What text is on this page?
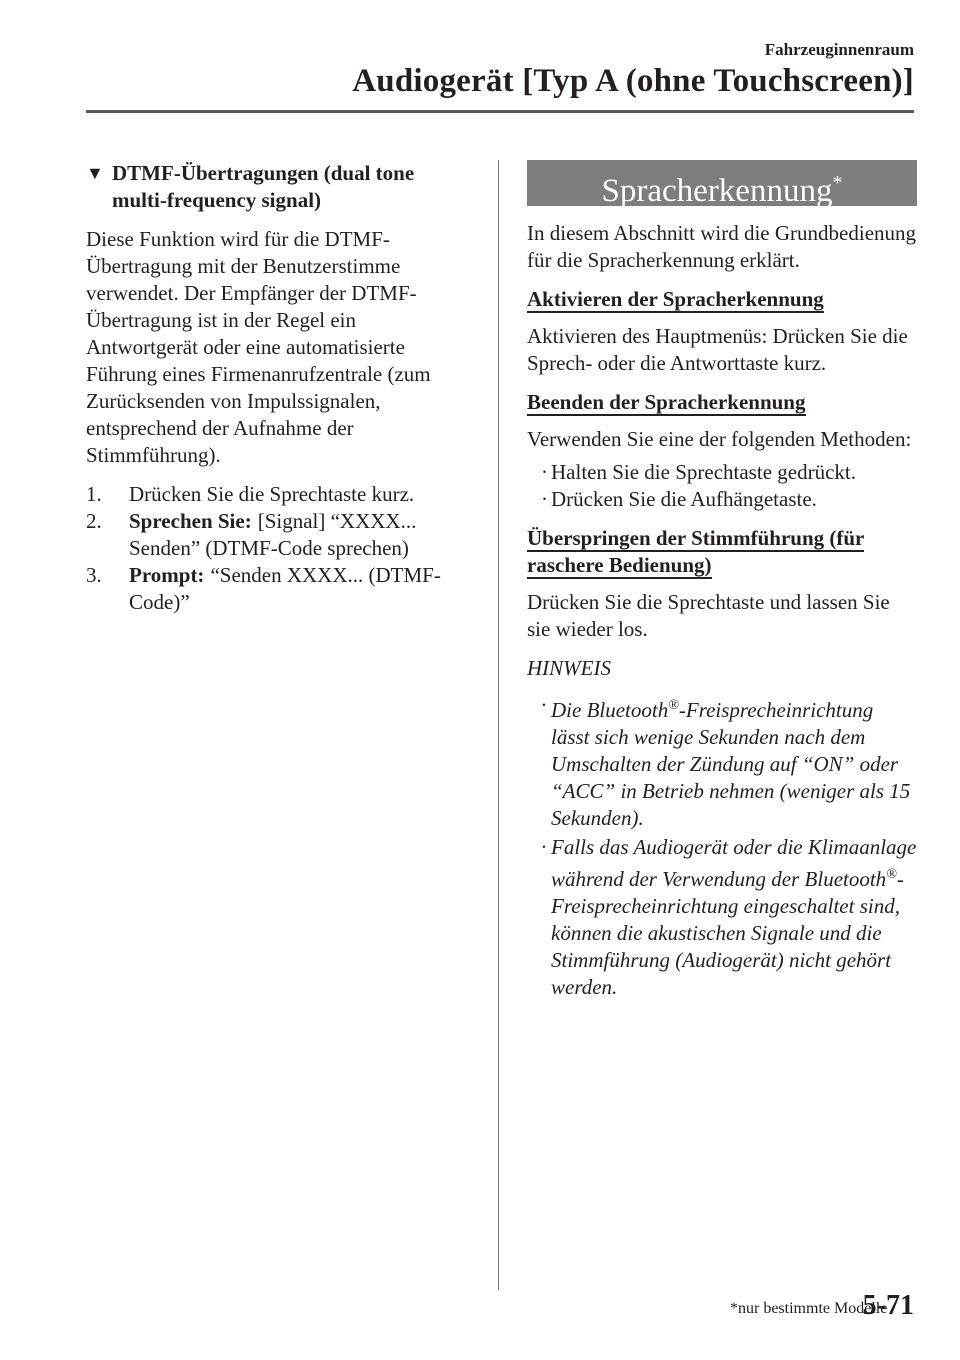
Fahrzeuginnenraum
Audiogerät [Typ A (ohne Touchscreen)]
▼ DTMF-Übertragungen (dual tone multi-frequency signal)

Diese Funktion wird für die DTMF-Übertragung mit der Benutzerstimme verwendet. Der Empfänger der DTMF-Übertragung ist in der Regel ein Antwortgerät oder eine automatisierte Führung eines Firmenanrufzentrale (zum Zurücksenden von Impulssignalen, entsprechend der Aufnahme der Stimmführung).

1.	Drücken Sie die Sprechtaste kurz.
2.	Sprechen Sie: [Signal] “XXXX... Senden” (DTMF-Code sprechen)
3.	Prompt: “Senden XXXX... (DTMF-Code)”
Spracherkennung*

In diesem Abschnitt wird die Grundbedienung für die Spracherkennung erklärt.

Aktivieren der Spracherkennung

Aktivieren des Hauptmenüs: Drücken Sie die Sprech- oder die Antworttaste kurz.

Beenden der Spracherkennung

Verwenden Sie eine der folgenden Methoden:

· Halten Sie die Sprechtaste gedrückt.
· Drücken Sie die Aufhängetaste.
Überspringen der Stimmführung (für raschere Bedienung)

Drücken Sie die Sprechtaste und lassen Sie sie wieder los.

HINWEIS
· Die Bluetooth®-Freisprecheinrichtung lässt sich wenige Sekunden nach dem Umschalten der Zündung auf “ON” oder “ACC” in Betrieb nehmen (weniger als 15 Sekunden).
· Falls das Audiogerät oder die Klimaanlage während der Verwendung der Bluetooth®-Freisprecheinrichtung eingeschaltet sind, können die akustischen Signale und die Stimmführung (Audiogerät) nicht gehört werden.
*nur bestimmte Modelle
5-71
